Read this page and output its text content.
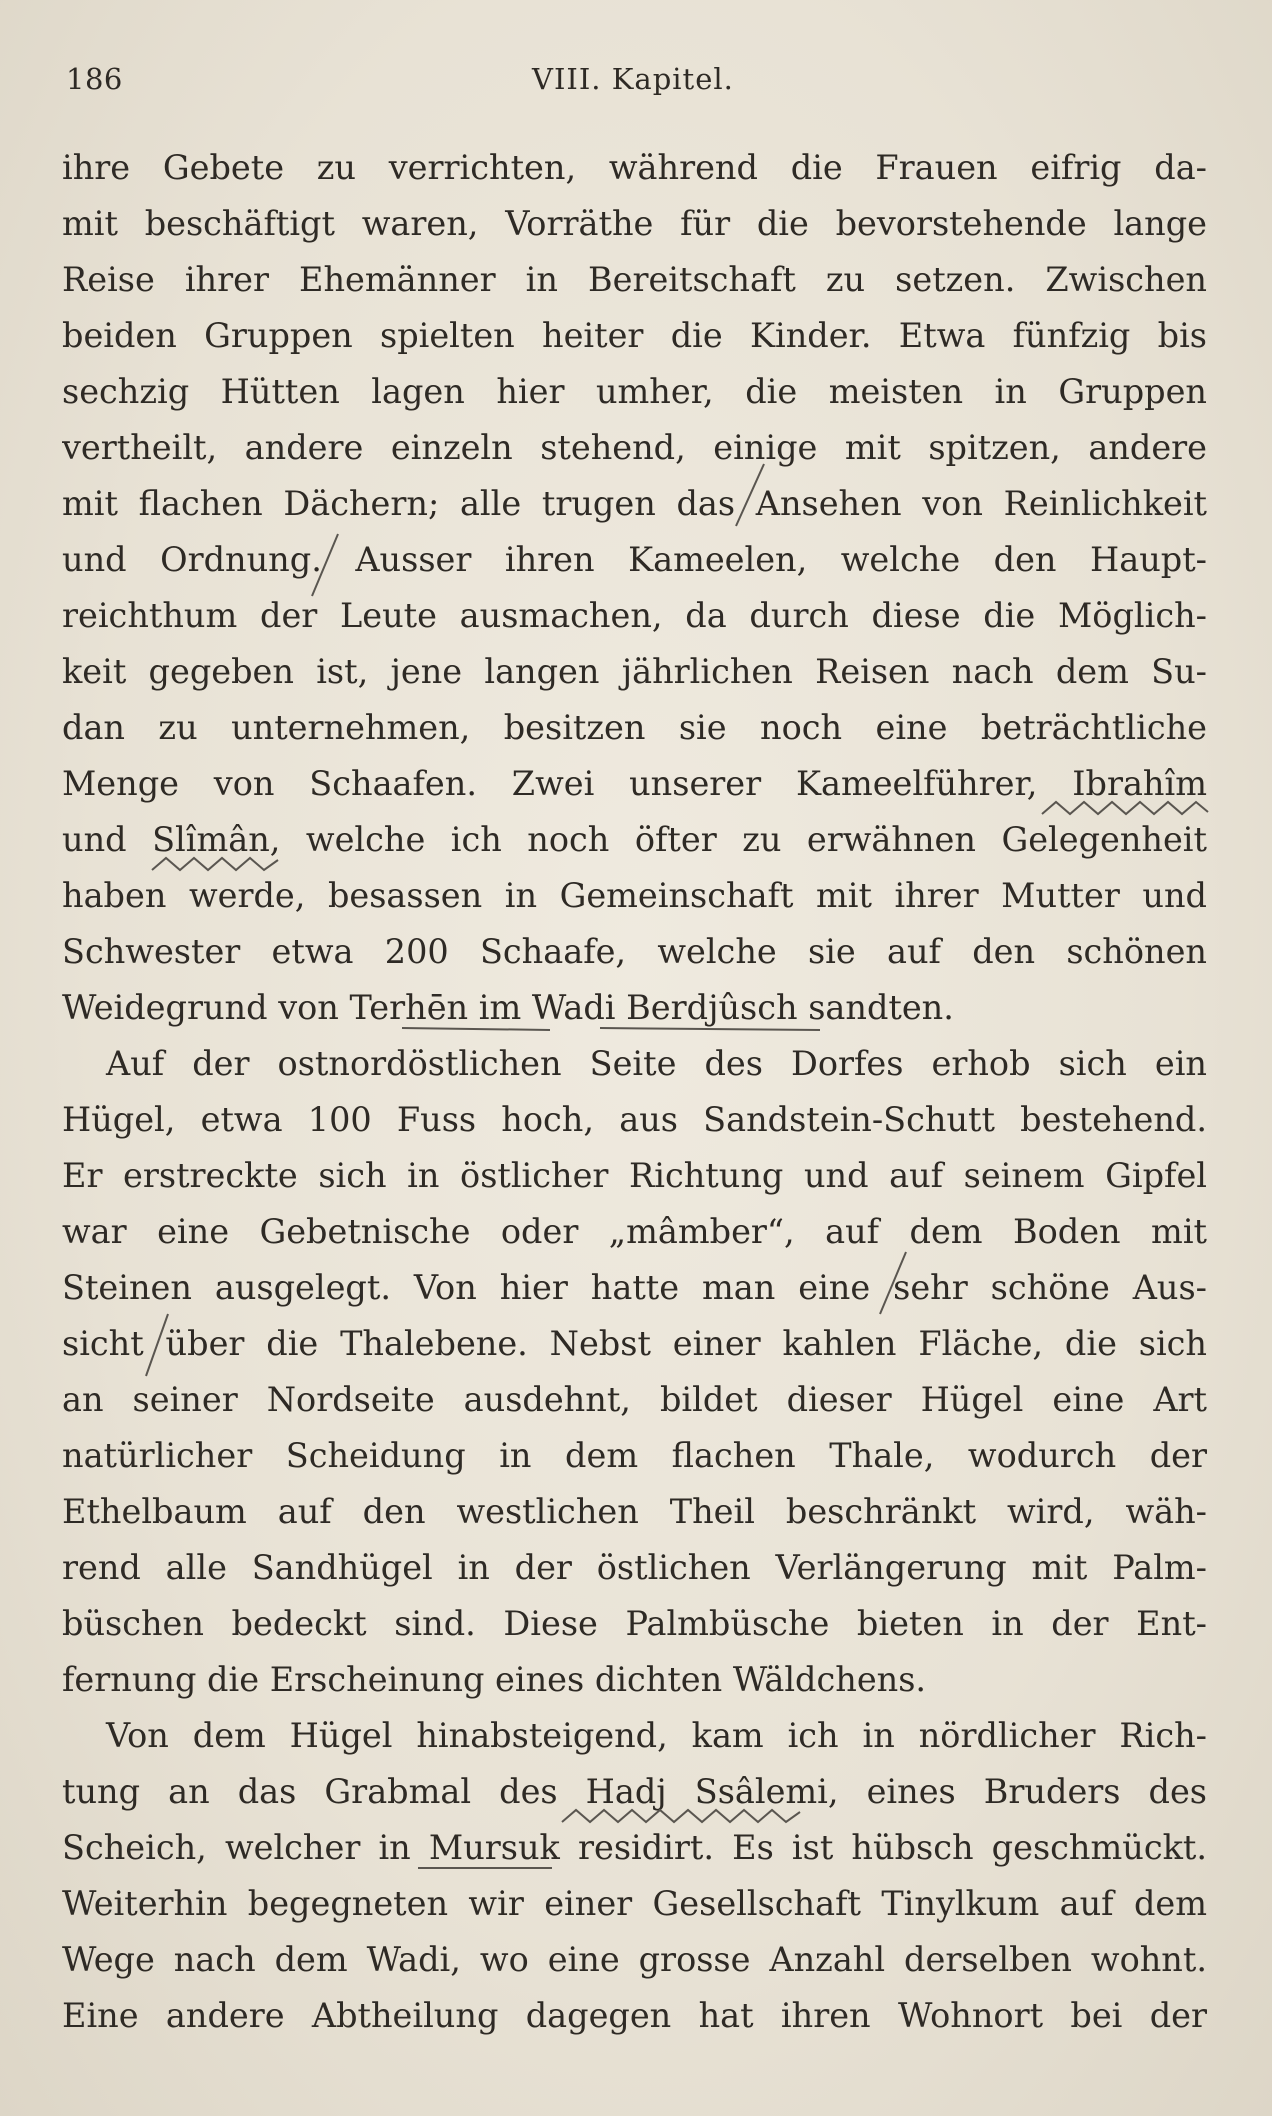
186	VIII. Kapitel.
ihre Gebete zu verrichten, während die Frauen eifrig da-
mit beschäftigt waren, Vorräthe für die bevorstehende lange
Reise ihrer Ehemänner in Bereitschaft zu setzen. Zwischen
beiden Gruppen spielten heiter die Kinder. Etwa fünfzig bis
sechzig Hütten lagen hier umher, die meisten in Gruppen
vertheilt, andere einzeln stehend, einige mit spitzen, andere
mit flachen Dächern; alle trugen das Ansehen von Reinlichkeit
und Ordnung. Ausser ihren Kameelen, welche den Haupt-
reichthum der Leute ausmachen, da durch diese die Möglich-
keit gegeben ist, jene langen jährlichen Reisen nach dem Su-
dan zu unternehmen, besitzen sie noch eine beträchtliche
Menge von Schaafen. Zwei unserer Kameelführer, Ibrahîm
und Slîmân, welche ich noch öfter zu erwähnen Gelegenheit
haben werde, besassen in Gemeinschaft mit ihrer Mutter und
Schwester etwa 200 Schaafe, welche sie auf den schönen
Weidegrund von Terhēn im Wadi Berdjûsch sandten.
Auf der ostnordöstlichen Seite des Dorfes erhob sich ein
Hügel, etwa 100 Fuss hoch, aus Sandstein-Schutt bestehend.
Er erstreckte sich in östlicher Richtung und auf seinem Gipfel
war eine Gebetnische oder „mâmber“, auf dem Boden mit
Steinen ausgelegt. Von hier hatte man eine sehr schöne Aus-
sicht über die Thalebene. Nebst einer kahlen Fläche, die sich
an seiner Nordseite ausdehnt, bildet dieser Hügel eine Art
natürlicher Scheidung in dem flachen Thale, wodurch der
Ethelbaum auf den westlichen Theil beschränkt wird, wäh-
rend alle Sandhügel in der östlichen Verlängerung mit Palm-
büschen bedeckt sind. Diese Palmbüsche bieten in der Ent-
fernung die Erscheinung eines dichten Wäldchens.
Von dem Hügel hinabsteigend, kam ich in nördlicher Rich-
tung an das Grabmal des Hadj Ssâlemi, eines Bruders des
Scheich, welcher in Mursuk residirt. Es ist hübsch geschmückt.
Weiterhin begegneten wir einer Gesellschaft Tinylkum auf dem
Wege nach dem Wadi, wo eine grosse Anzahl derselben wohnt.
Eine andere Abtheilung dagegen hat ihren Wohnort bei der
